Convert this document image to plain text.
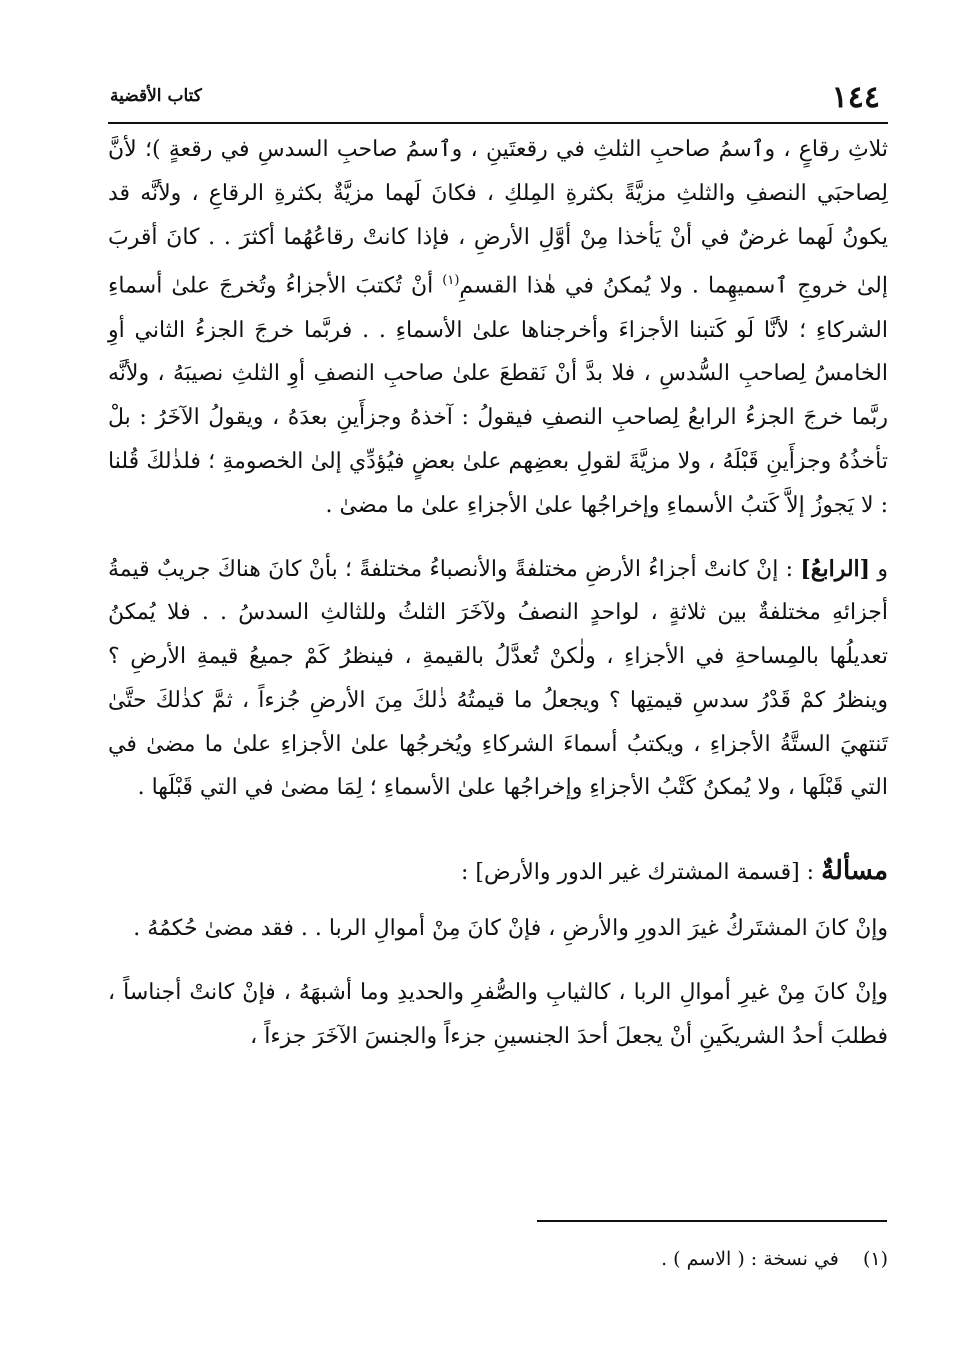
١٤٤
كتاب الأقضية

ثلاثِ رقاعٍ ، وٱسمُ صاحبِ الثلثِ في رقعتَينِ ، وٱسمُ صاحبِ السدسِ في رقعةٍ )؛ لأنَّ لِصاحبَي النصفِ والثلثِ مزيَّةً بكثرةِ المِلكِ ، فكانَ لَهما مزيَّةٌ بكثرةِ الرقاعِ ، ولأنَّه قد يكونُ لَهما غرضٌ في أنْ يَأخذا مِنْ أوَّلِ الأرضِ ، فإذا كانتْ رقاعُهُما أكثرَ . . كانَ أقربَ إلىٰ خروجِ ٱسميهِما . ولا يُمكنُ في هٰذا القسمِ$^{(١)}$ أنْ تُكتبَ الأجزاءُ وتُخرجَ علىٰ أسماءِ الشركاءِ ؛ لأنَّا لَو كَتبنا الأجزاءَ وأخرجناها علىٰ الأسماءِ . . فربَّما خرجَ الجزءُ الثاني أوِ الخامسُ لِصاحبِ السُّدسِ ، فلا بدَّ أنْ نَقطعَ علىٰ صاحبِ النصفِ أوِ الثلثِ نصيبَهُ ، ولأنَّه ربَّما خرجَ الجزءُ الرابعُ لِصاحبِ النصفِ فيقولُ : آخذهُ وجزأَينِ بعدَهُ ، ويقولُ الآخَرُ : بلْ تأخذُهُ وجزأَينِ قَبْلَهُ ، ولا مزيَّةَ لقولِ بعضِهم علىٰ بعضٍ فيُؤدِّي إلىٰ الخصومةِ ؛ فلذٰلكَ قُلنا : لا يَجوزُ إلاَّ كَتبُ الأسماءِ وإخراجُها علىٰ الأجزاءِ علىٰ ما مضىٰ .

و [الرابعُ] : إنْ كانتْ أجزاءُ الأرضِ مختلفةً والأنصباءُ مختلفةً ؛ بأنْ كانَ هناكَ جريبٌ قيمةُ أجزائهِ مختلفةٌ بين ثلاثةٍ ، لواحدٍ النصفُ ولآخَرَ الثلثُ وللثالثِ السدسُ . . فلا يُمكنُ تعديلُها بالمِساحةِ في الأجزاءِ ، ولٰكنْ تُعدَّلُ بالقيمةِ ، فينظرُ كَمْ جميعُ قيمةِ الأرضِ ؟ وينظرُ كمْ قَدْرُ سدسِ قيمتِها ؟ ويجعلُ ما قيمتُهُ ذٰلكَ مِنَ الأرضِ جُزءاً ، ثمَّ كذٰلكَ حتَّىٰ تَنتهيَ الستَّةُ الأجزاءِ ، ويكتبُ أسماءَ الشركاءِ ويُخرجُها علىٰ الأجزاءِ علىٰ ما مضىٰ في التي قَبْلَها ، ولا يُمكنُ كَتْبُ الأجزاءِ وإخراجُها علىٰ الأسماءِ ؛ لِمَا مضىٰ في التي قَبْلَها .

مسألةٌ : [قسمة المشترك غير الدور والأرض] :

وإنْ كانَ المشتَركُ غيرَ الدورِ والأرضِ ، فإنْ كانَ مِنْ أموالِ الربا . . فقد مضىٰ حُكمُهُ .

وإنْ كانَ مِنْ غيرِ أموالِ الربا ، كالثيابِ والصُّفرِ والحديدِ وما أشبهَهُ ، فإنْ كانتْ أجناساً ، فطلبَ أحدُ الشريكَينِ أنْ يجعلَ أحدَ الجنسينِ جزءاً والجنسَ الآخَرَ جزءاً ،

(١) في نسخة : ( الاسم ) .
